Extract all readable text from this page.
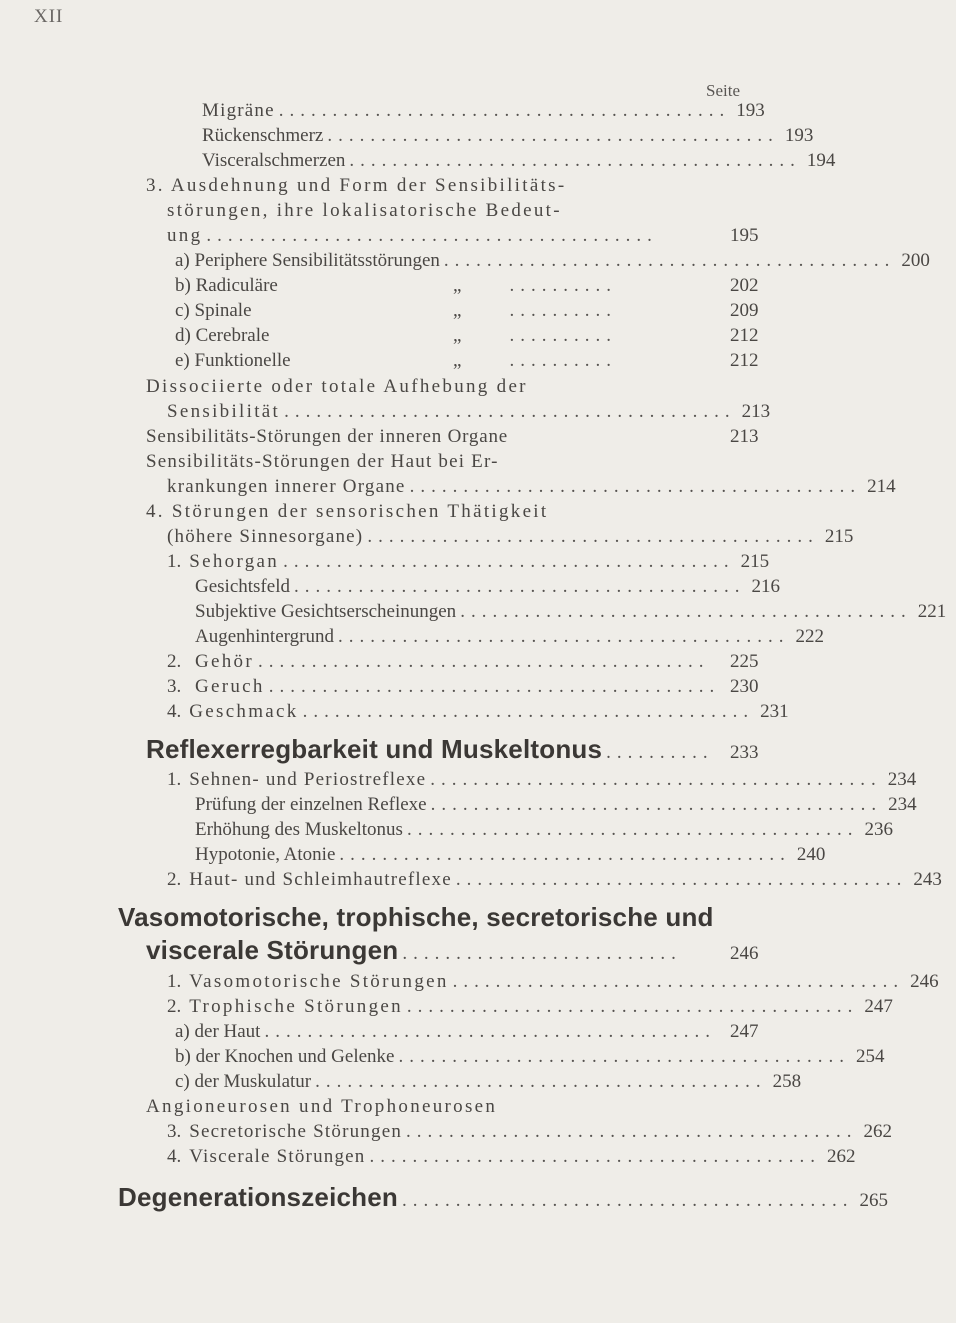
XII
Seite
Migräne .......................................... 193
Rückenschmerz .......................................... 193
Visceralschmerzen .......................................... 194
3. Ausdehnung und Form der Sensibilitäts-
störungen, ihre lokalisatorische Bedeut-
ung ..........................................	195
a) Periphere Sensibilitätsstörungen .......................................... 200
b) Radiculäre	„	..........	202
c) Spinale	„	..........	209
d) Cerebrale	„	..........	212
e) Funktionelle	„	..........	212
Dissociierte oder totale Aufhebung der
Sensibilität .......................................... 213
Sensibilitäts-Störungen der inneren Organe	213
Sensibilitäts-Störungen der Haut bei Er-
krankungen innerer Organe .......................................... 214
4. Störungen der sensorischen Thätigkeit
(höhere Sinnesorgane) .......................................... 215
1. Sehorgan .......................................... 215
Gesichtsfeld .......................................... 216
Subjektive Gesichtserscheinungen .......................................... 221
Augenhintergrund .......................................... 222
2. Gehör ..........................................	225
3. Geruch .......................................... 230
4. Geschmack .......................................... 231
Reflexerregbarkeit und Muskeltonus .......... 233
1. Sehnen- und Periostreflexe .......................................... 234
Prüfung der einzelnen Reflexe .......................................... 234
Erhöhung des Muskeltonus .......................................... 236
Hypotonie, Atonie .......................................... 240
2. Haut- und Schleimhautreflexe .......................................... 243
Vasomotorische, trophische, secretorische und
viscerale Störungen ..........................	246
1. Vasomotorische Störungen .......................................... 246
2. Trophische Störungen .......................................... 247
a) der Haut .......................................... 247
b) der Knochen und Gelenke .......................................... 254
c) der Muskulatur .......................................... 258
Angioneurosen und Trophoneurosen
3. Secretorische Störungen .......................................... 262
4. Viscerale Störungen .......................................... 262
Degenerationszeichen .......................................... 265
